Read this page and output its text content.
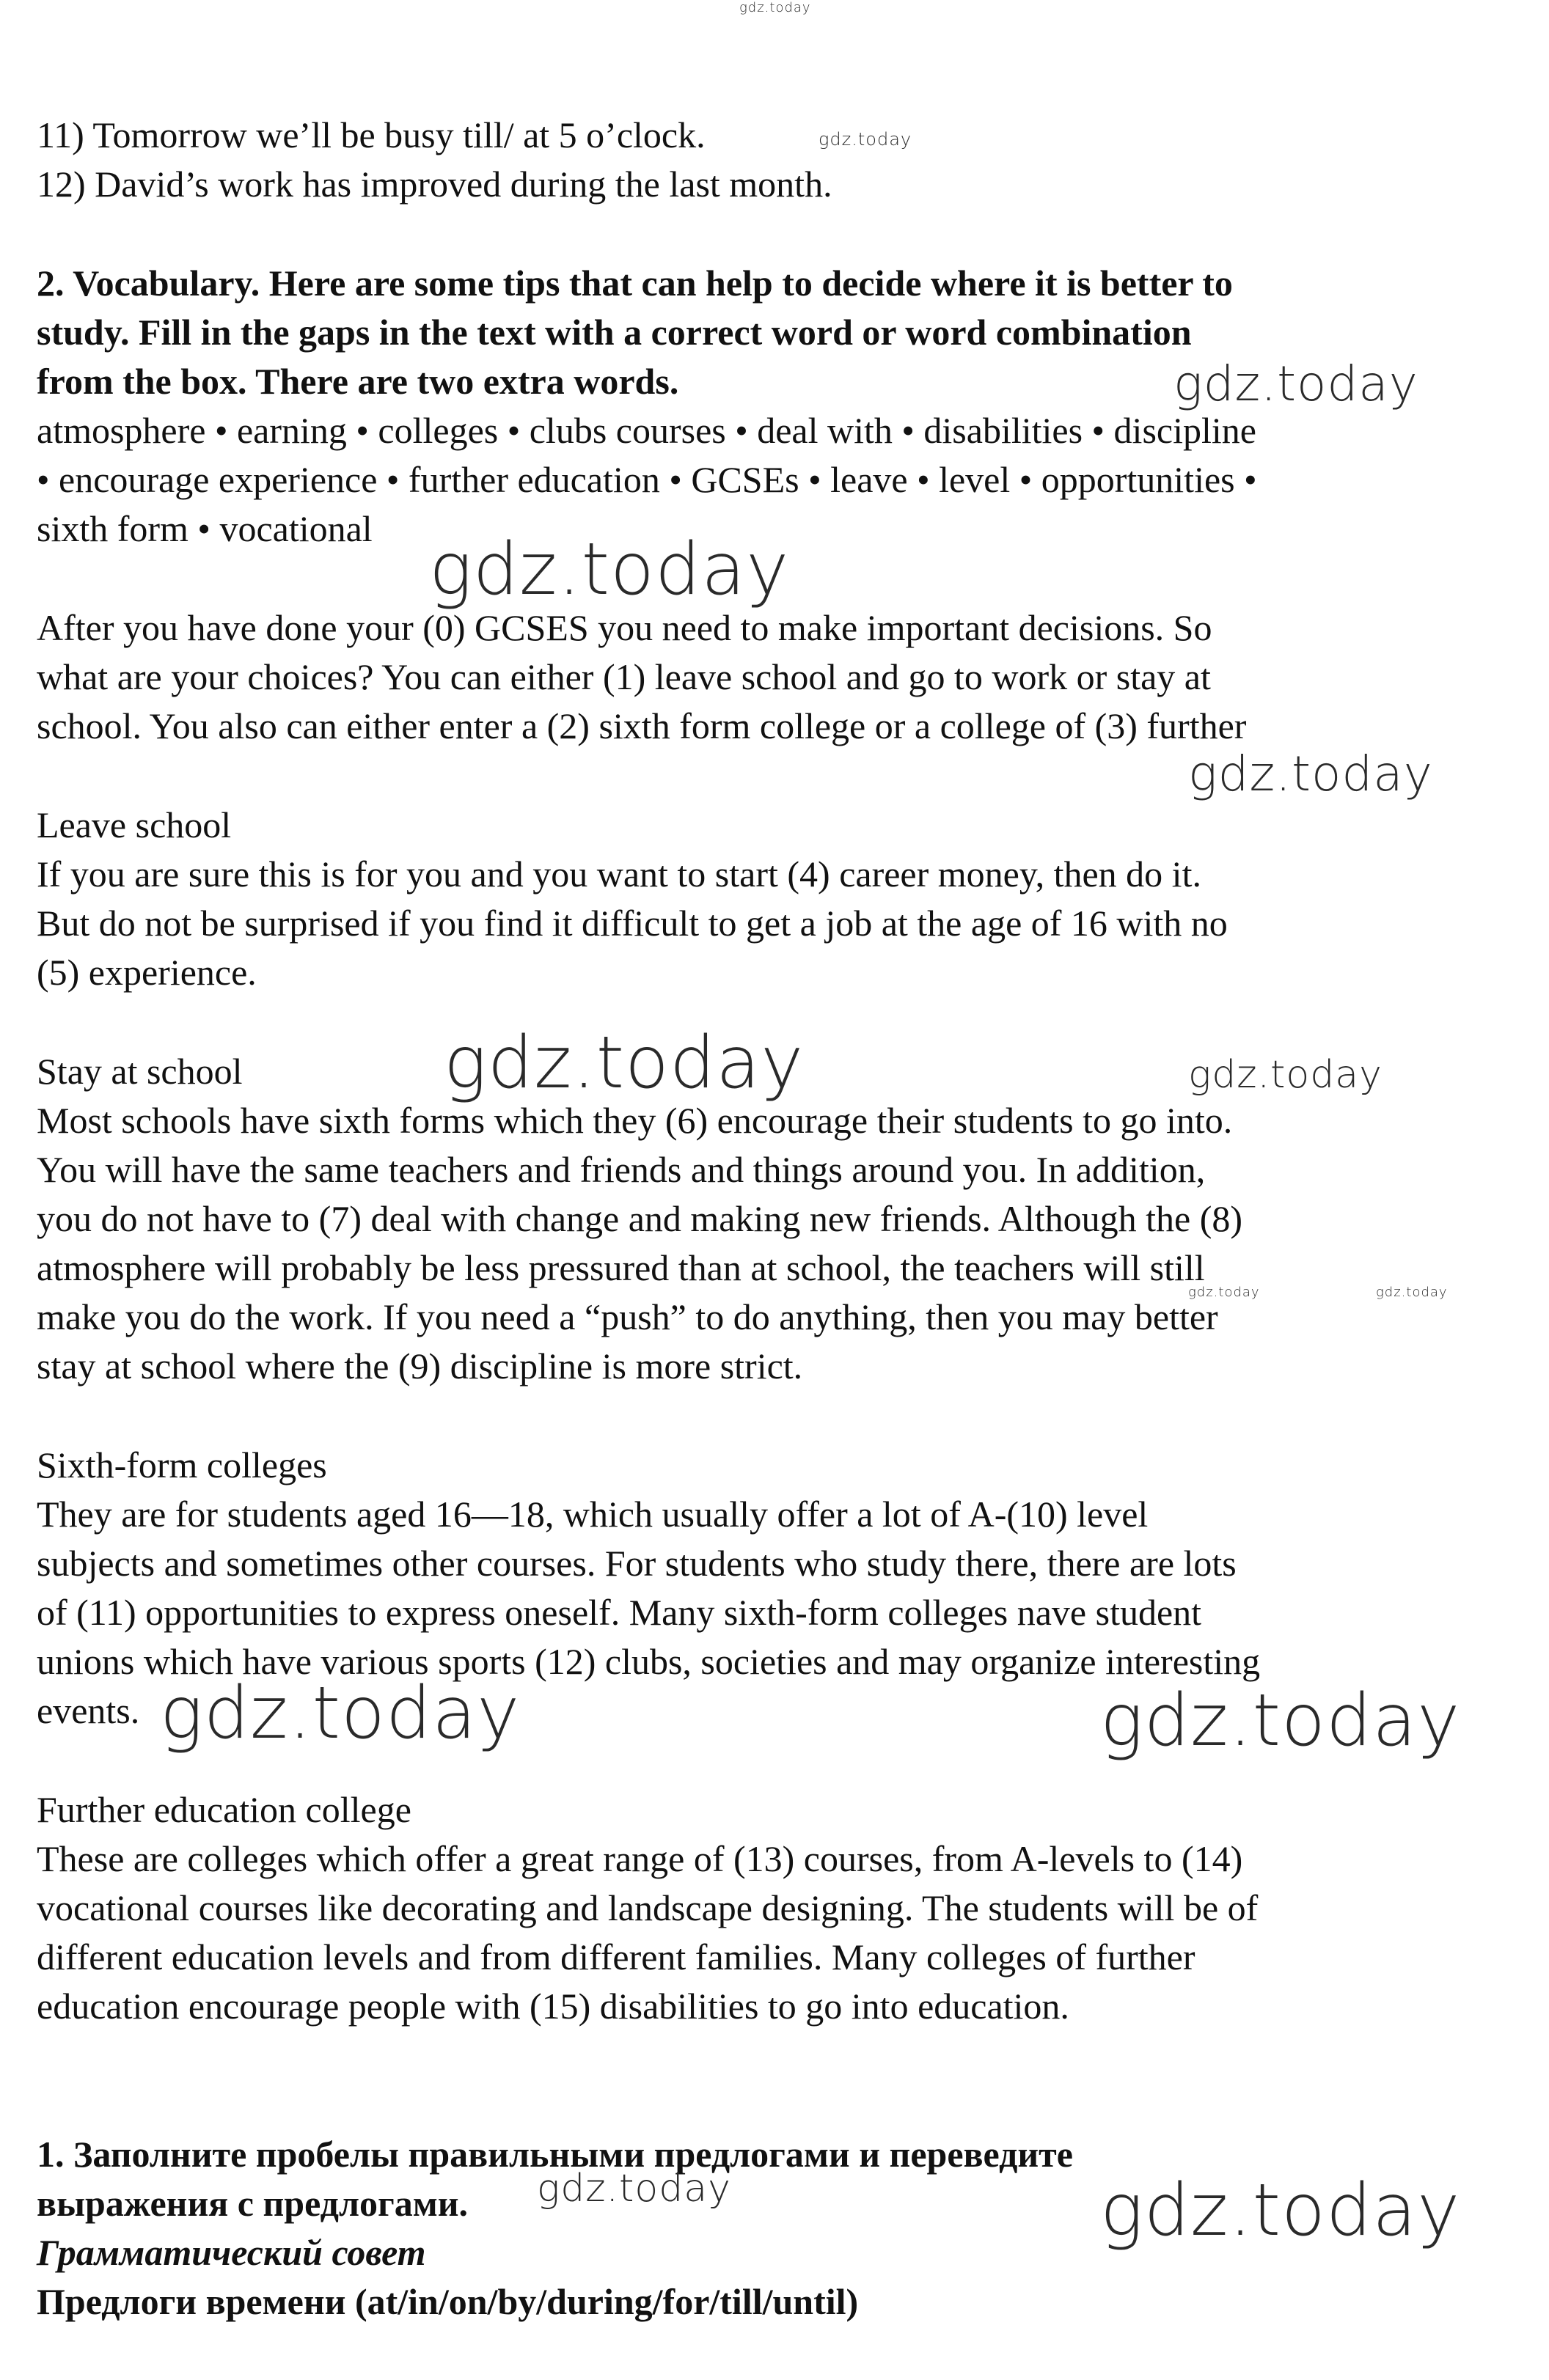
11) Tomorrow we’ll be busy till/ at 5 o’clock.

12) David’s work has improved during the last month.

2. Vocabulary. Here are some tips that can help to decide where it is better to

study. Fill in the gaps in the text with a correct word or word combination

from the box. There are two extra words.

atmosphere • earning • colleges • clubs courses • deal with • disabilities • discipline

• encourage experience • further education • GCSEs • leave • level • opportunities •

sixth form • vocational

After you have done your (0) GCSES you need to make important decisions. So

what are your choices? You can either (1) leave school and go to work or stay at

school. You also can either enter a (2) sixth form college or a college of (3) further

Leave school

If you are sure this is for you and you want to start (4) career money, then do it.

But do not be surprised if you find it difficult to get a job at the age of 16 with no

(5) experience.

Stay at school

Most schools have sixth forms which they (6) encourage their students to go into.

You will have the same teachers and friends and things around you. In addition,

you do not have to (7) deal with change and making new friends. Although the (8)

atmosphere will probably be less pressured than at school, the teachers will still

make you do the work. If you need a “push” to do anything, then you may better

stay at school where the (9) discipline is more strict.

Sixth-form colleges

They are for students aged 16—18, which usually offer a lot of A-(10) level

subjects and sometimes other courses. For students who study there, there are lots

of (11) opportunities to express oneself. Many sixth-form colleges nave student

unions which have various sports (12) clubs, societies and may organize interesting

events.

Further education college

These are colleges which offer a great range of (13) courses, from A-levels to (14)

vocational courses like decorating and landscape designing. The students will be of

different education levels and from different families. Many colleges of further

education encourage people with (15) disabilities to go into education.

1. Заполните пробелы правильными предлогами и переведите

выражения с предлогами.

Грамматический совет

Предлоги времени (at/in/on/by/during/for/till/until)

gdz.today
gdz.today
gdz.today
gdz.today
gdz.today
gdz.today	gdz.today
gdz.today	gdz.today
gdz.today	gdz.today
gdz.today	gdz.today
